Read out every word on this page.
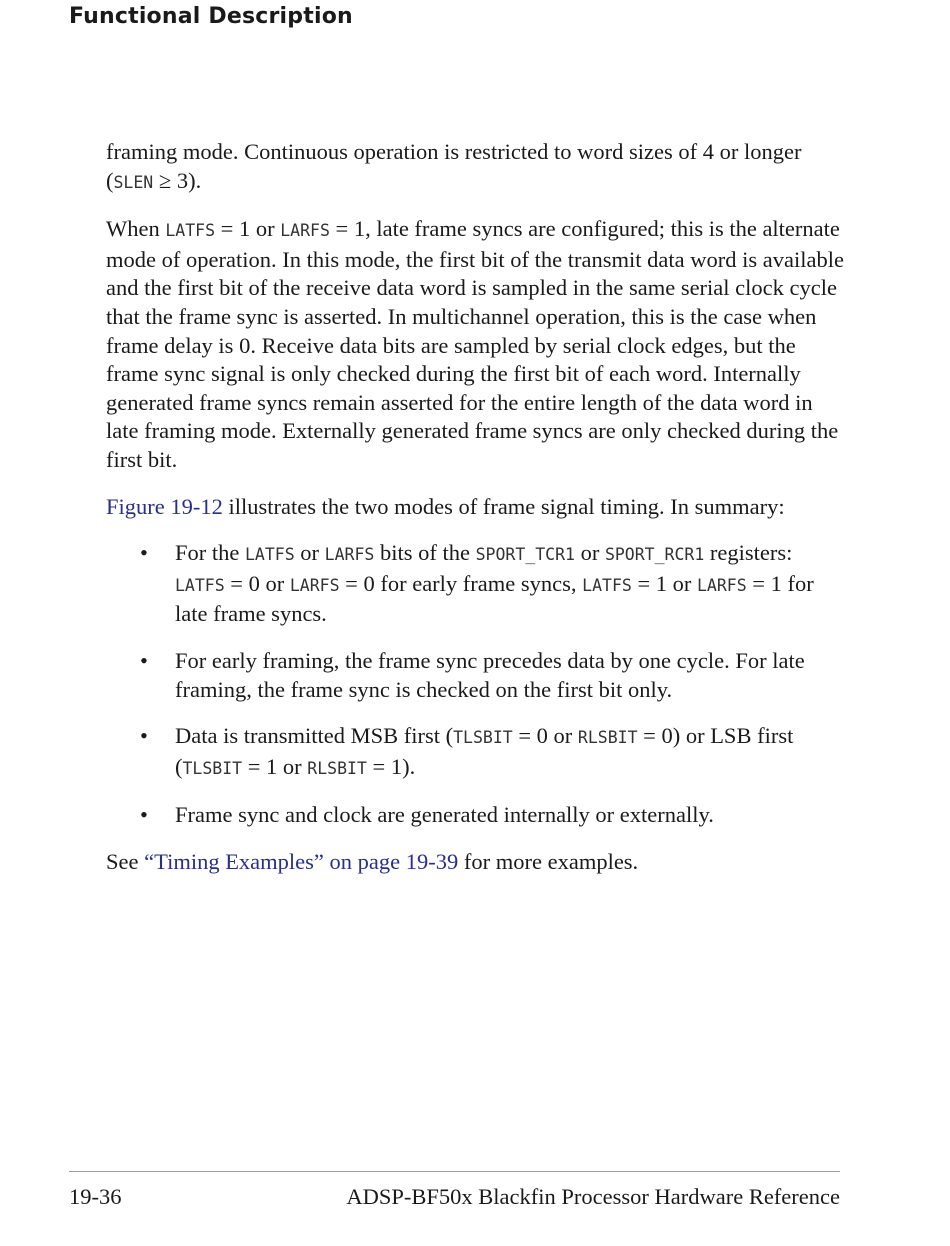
Functional Description

framing mode. Continuous operation is restricted to word sizes of 4 or longer (SLEN ≥ 3).

When LATFS = 1 or LARFS = 1, late frame syncs are configured; this is the alternate mode of operation. In this mode, the first bit of the transmit data word is available and the first bit of the receive data word is sampled in the same serial clock cycle that the frame sync is asserted. In multichannel operation, this is the case when frame delay is 0. Receive data bits are sampled by serial clock edges, but the frame sync signal is only checked during the first bit of each word. Internally generated frame syncs remain asserted for the entire length of the data word in late framing mode. Externally generated frame syncs are only checked during the first bit.

Figure 19-12 illustrates the two modes of frame signal timing. In summary:

• For the LATFS or LARFS bits of the SPORT_TCR1 or SPORT_RCR1 registers: LATFS = 0 or LARFS = 0 for early frame syncs, LATFS = 1 or LARFS = 1 for late frame syncs.
• For early framing, the frame sync precedes data by one cycle. For late framing, the frame sync is checked on the first bit only.
• Data is transmitted MSB first (TLSBIT = 0 or RLSBIT = 0) or LSB first (TLSBIT = 1 or RLSBIT = 1).
• Frame sync and clock are generated internally or externally.

See “Timing Examples” on page 19-39 for more examples.

19-36	ADSP-BF50x Blackfin Processor Hardware Reference
